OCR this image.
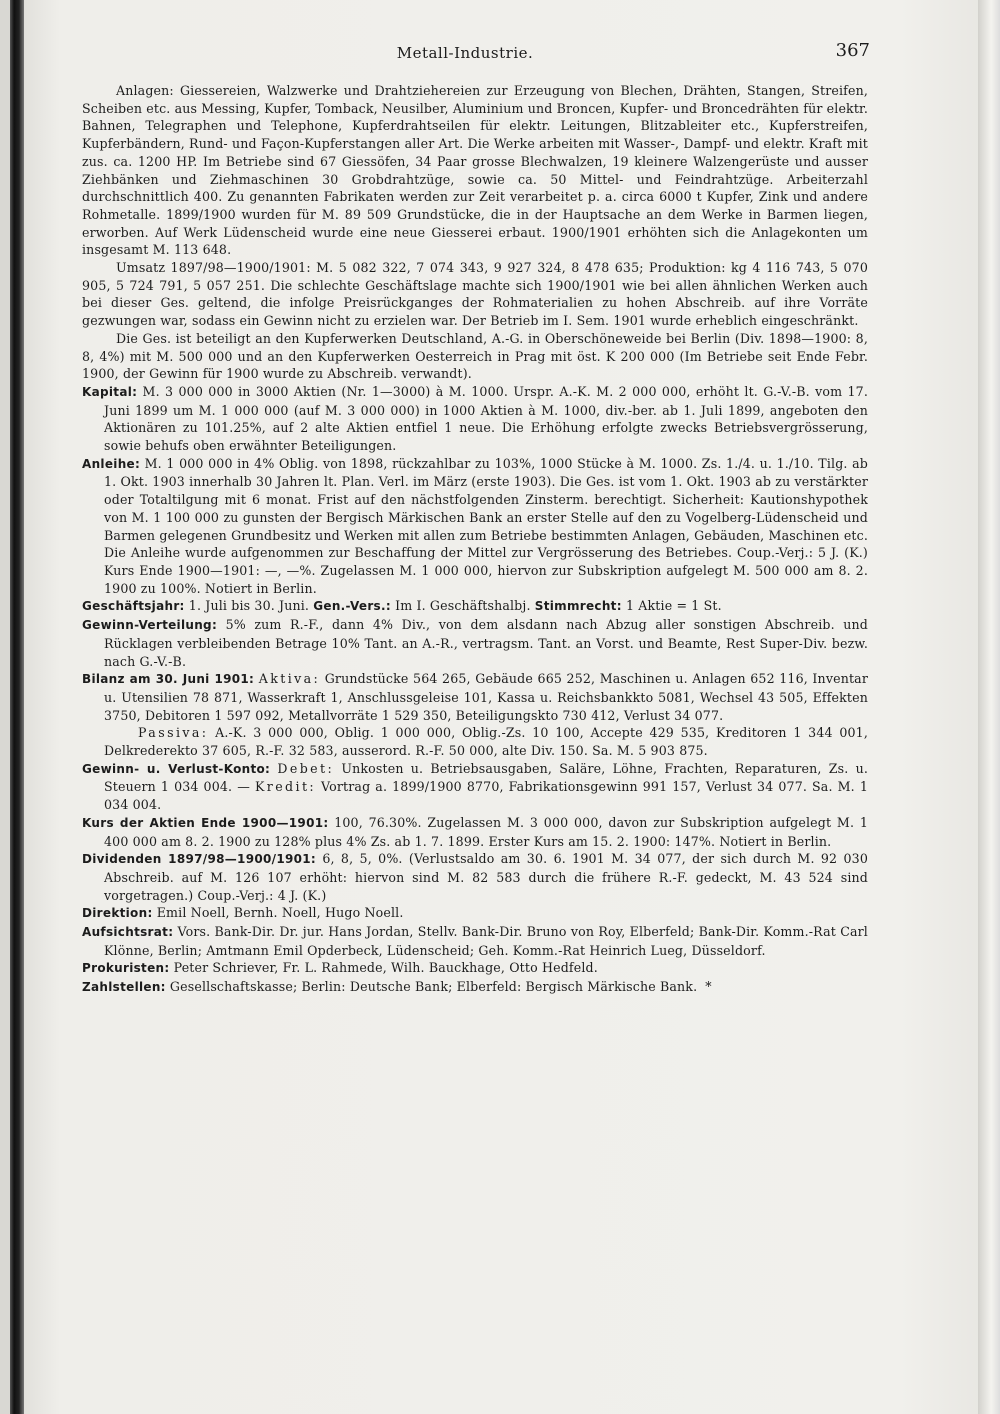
Metall-Industrie.	367

Anlagen: Giessereien, Walzwerke und Drahtziehereien zur Erzeugung von Blechen, Drähten, Stangen, Streifen, Scheiben etc. aus Messing, Kupfer, Tomback, Neusilber, Aluminium und Broncen, Kupfer- und Broncedrähten für elektr. Bahnen, Telegraphen und Telephone, Kupferdrahtseilen für elektr. Leitungen, Blitzableiter etc., Kupferstreifen, Kupferbändern, Rund- und Façon-Kupferstangen aller Art. Die Werke arbeiten mit Wasser-, Dampf- und elektr. Kraft mit zus. ca. 1200 HP. Im Betriebe sind 67 Giessöfen, 34 Paar grosse Blechwalzen, 19 kleinere Walzengerüste und ausser Ziehbänken und Ziehmaschinen 30 Grobdrahtzüge, sowie ca. 50 Mittel- und Feindrahtzüge. Arbeiterzahl durchschnittlich 400. Zu genannten Fabrikaten werden zur Zeit verarbeitet p. a. circa 6000 t Kupfer, Zink und andere Rohmetalle. 1899/1900 wurden für M. 89 509 Grundstücke, die in der Hauptsache an dem Werke in Barmen liegen, erworben. Auf Werk Lüdenscheid wurde eine neue Giesserei erbaut. 1900/1901 erhöhten sich die Anlagekonten um insgesamt M. 113 648.

Umsatz 1897/98—1900/1901: M. 5 082 322, 7 074 343, 9 927 324, 8 478 635; Produktion: kg 4 116 743, 5 070 905, 5 724 791, 5 057 251. Die schlechte Geschäftslage machte sich 1900/1901 wie bei allen ähnlichen Werken auch bei dieser Ges. geltend, die infolge Preisrückganges der Rohmaterialien zu hohen Abschreib. auf ihre Vorräte gezwungen war, sodass ein Gewinn nicht zu erzielen war. Der Betrieb im I. Sem. 1901 wurde erheblich eingeschränkt.

Die Ges. ist beteiligt an den Kupferwerken Deutschland, A.-G. in Oberschöneweide bei Berlin (Div. 1898—1900: 8, 8, 4%) mit M. 500 000 und an den Kupferwerken Oesterreich in Prag mit öst. K 200 000 (Im Betriebe seit Ende Febr. 1900, der Gewinn für 1900 wurde zu Abschreib. verwandt).

Kapital: M. 3 000 000 in 3000 Aktien (Nr. 1—3000) à M. 1000. Urspr. A.-K. M. 2 000 000, erhöht lt. G.-V.-B. vom 17. Juni 1899 um M. 1 000 000 (auf M. 3 000 000) in 1000 Aktien à M. 1000, div.-ber. ab 1. Juli 1899, angeboten den Aktionären zu 101.25%, auf 2 alte Aktien entfiel 1 neue. Die Erhöhung erfolgte zwecks Betriebsvergrösserung, sowie behufs oben erwähnter Beteiligungen.

Anleihe: M. 1 000 000 in 4% Oblig. von 1898, rückzahlbar zu 103%, 1000 Stücke à M. 1000. Zs. 1./4. u. 1./10. Tilg. ab 1. Okt. 1903 innerhalb 30 Jahren lt. Plan. Verl. im März (erste 1903). Die Ges. ist vom 1. Okt. 1903 ab zu verstärkter oder Totaltilgung mit 6 monat. Frist auf den nächstfolgenden Zinsterm. berechtigt. Sicherheit: Kautionshypothek von M. 1 100 000 zu gunsten der Bergisch Märkischen Bank an erster Stelle auf den zu Vogelberg-Lüdenscheid und Barmen gelegenen Grundbesitz und Werken mit allen zum Betriebe bestimmten Anlagen, Gebäuden, Maschinen etc. Die Anleihe wurde aufgenommen zur Beschaffung der Mittel zur Vergrösserung des Betriebes. Coup.-Verj.: 5 J. (K.) Kurs Ende 1900—1901: —, —%. Zugelassen M. 1 000 000, hiervon zur Subskription aufgelegt M. 500 000 am 8. 2. 1900 zu 100%. Notiert in Berlin.

Geschäftsjahr: 1. Juli bis 30. Juni. Gen.-Vers.: Im I. Geschäftshalbj. Stimmrecht: 1 Aktie = 1 St.

Gewinn-Verteilung: 5% zum R.-F., dann 4% Div., von dem alsdann nach Abzug aller sonstigen Abschreib. und Rücklagen verbleibenden Betrage 10% Tant. an A.-R., vertragsm. Tant. an Vorst. und Beamte, Rest Super-Div. bezw. nach G.-V.-B.

Bilanz am 30. Juni 1901: Aktiva: Grundstücke 564 265, Gebäude 665 252, Maschinen u. Anlagen 652 116, Inventar u. Utensilien 78 871, Wasserkraft 1, Anschlussgeleise 101, Kassa u. Reichsbankkto 5081, Wechsel 43 505, Effekten 3750, Debitoren 1 597 092, Metallvorräte 1 529 350, Beteiligungskto 730 412, Verlust 34 077.
Passiva: A.-K. 3 000 000, Oblig. 1 000 000, Oblig.-Zs. 10 100, Accepte 429 535, Kreditoren 1 344 001, Delkrederekto 37 605, R.-F. 32 583, ausserord. R.-F. 50 000, alte Div. 150. Sa. M. 5 903 875.

Gewinn- u. Verlust-Konto: Debet: Unkosten u. Betriebsausgaben, Saläre, Löhne, Frachten, Reparaturen, Zs. u. Steuern 1 034 004. — Kredit: Vortrag a. 1899/1900 8770, Fabrikationsgewinn 991 157, Verlust 34 077. Sa. M. 1 034 004.

Kurs der Aktien Ende 1900—1901: 100, 76.30%. Zugelassen M. 3 000 000, davon zur Subskription aufgelegt M. 1 400 000 am 8. 2. 1900 zu 128% plus 4% Zs. ab 1. 7. 1899. Erster Kurs am 15. 2. 1900: 147%. Notiert in Berlin.

Dividenden 1897/98—1900/1901: 6, 8, 5, 0%. (Verlustsaldo am 30. 6. 1901 M. 34 077, der sich durch M. 92 030 Abschreib. auf M. 126 107 erhöht: hiervon sind M. 82 583 durch die frühere R.-F. gedeckt, M. 43 524 sind vorgetragen.) Coup.-Verj.: 4 J. (K.)

Direktion: Emil Noell, Bernh. Noell, Hugo Noell.

Aufsichtsrat: Vors. Bank-Dir. Dr. jur. Hans Jordan, Stellv. Bank-Dir. Bruno von Roy, Elberfeld; Bank-Dir. Komm.-Rat Carl Klönne, Berlin; Amtmann Emil Opderbeck, Lüdenscheid; Geh. Komm.-Rat Heinrich Lueg, Düsseldorf.

Prokuristen: Peter Schriever, Fr. L. Rahmede, Wilh. Bauckhage, Otto Hedfeld.

Zahlstellen: Gesellschaftskasse; Berlin: Deutsche Bank; Elberfeld: Bergisch Märkische Bank. *
